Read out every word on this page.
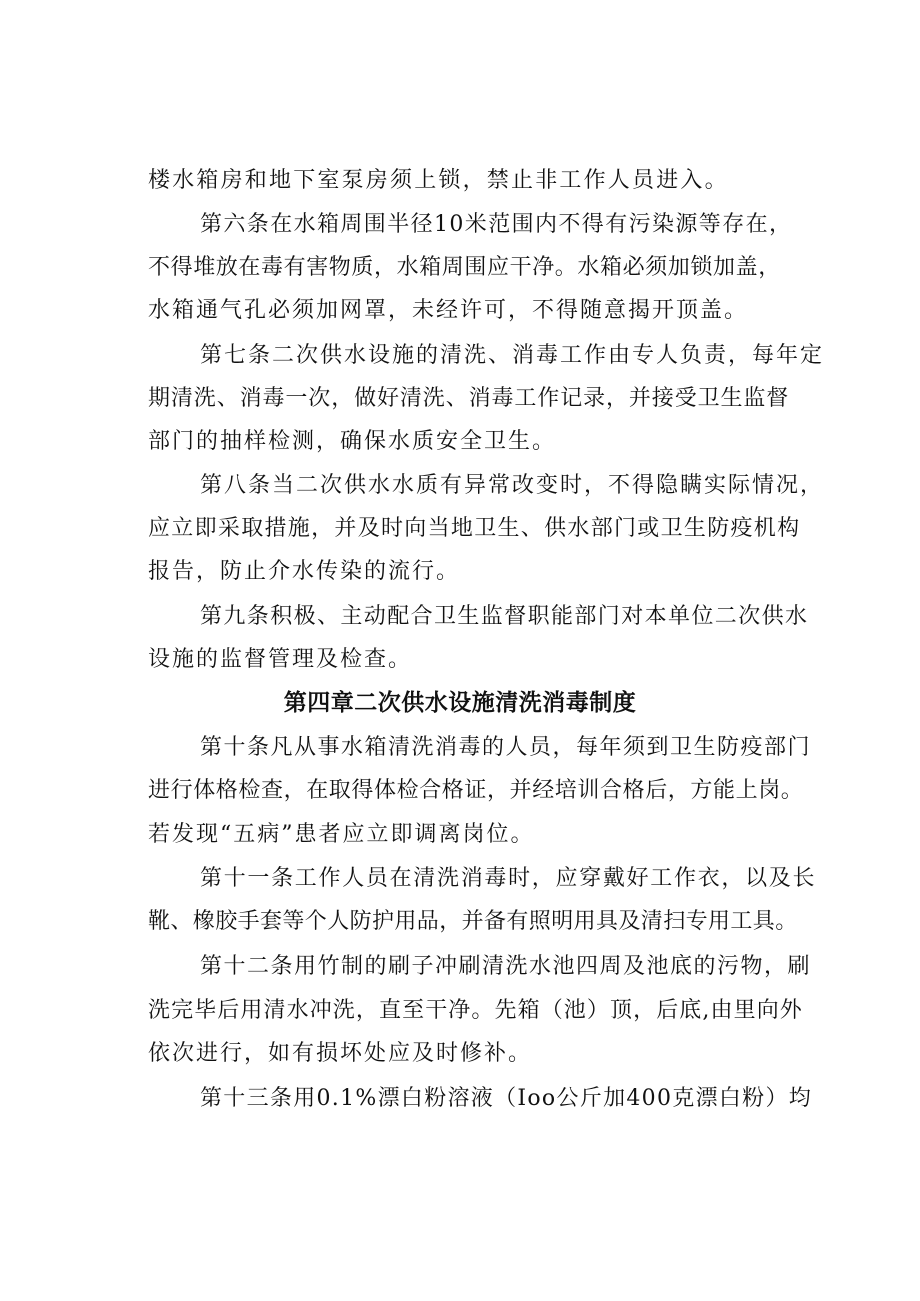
楼水箱房和地下室泵房须上锁，禁止非工作人员进入。
第六条在水箱周围半径10米范围内不得有污染源等存在，
不得堆放在毒有害物质，水箱周围应干净。水箱必须加锁加盖，
水箱通气孔必须加网罩，未经许可，不得随意揭开顶盖。
第七条二次供水设施的清洗、消毒工作由专人负责，每年定
期清洗、消毒一次，做好清洗、消毒工作记录，并接受卫生监督
部门的抽样检测，确保水质安全卫生。
第八条当二次供水水质有异常改变时，不得隐瞒实际情况，
应立即采取措施，并及时向当地卫生、供水部门或卫生防疫机构
报告，防止介水传染的流行。
第九条积极、主动配合卫生监督职能部门对本单位二次供水
设施的监督管理及检查。
第四章二次供水设施清洗消毒制度
第十条凡从事水箱清洗消毒的人员，每年须到卫生防疫部门
进行体格检查，在取得体检合格证，并经培训合格后，方能上岗。
若发现“五病”患者应立即调离岗位。
第十一条工作人员在清洗消毒时，应穿戴好工作衣，以及长
靴、橡胶手套等个人防护用品，并备有照明用具及清扫专用工具。
第十二条用竹制的刷子冲刷清洗水池四周及池底的污物，刷
洗完毕后用清水冲洗，直至干净。先箱（池）顶，后底,由里向外
依次进行，如有损坏处应及时修补。
第十三条用0.1%漂白粉溶液（Ioo公斤加400克漂白粉）均
